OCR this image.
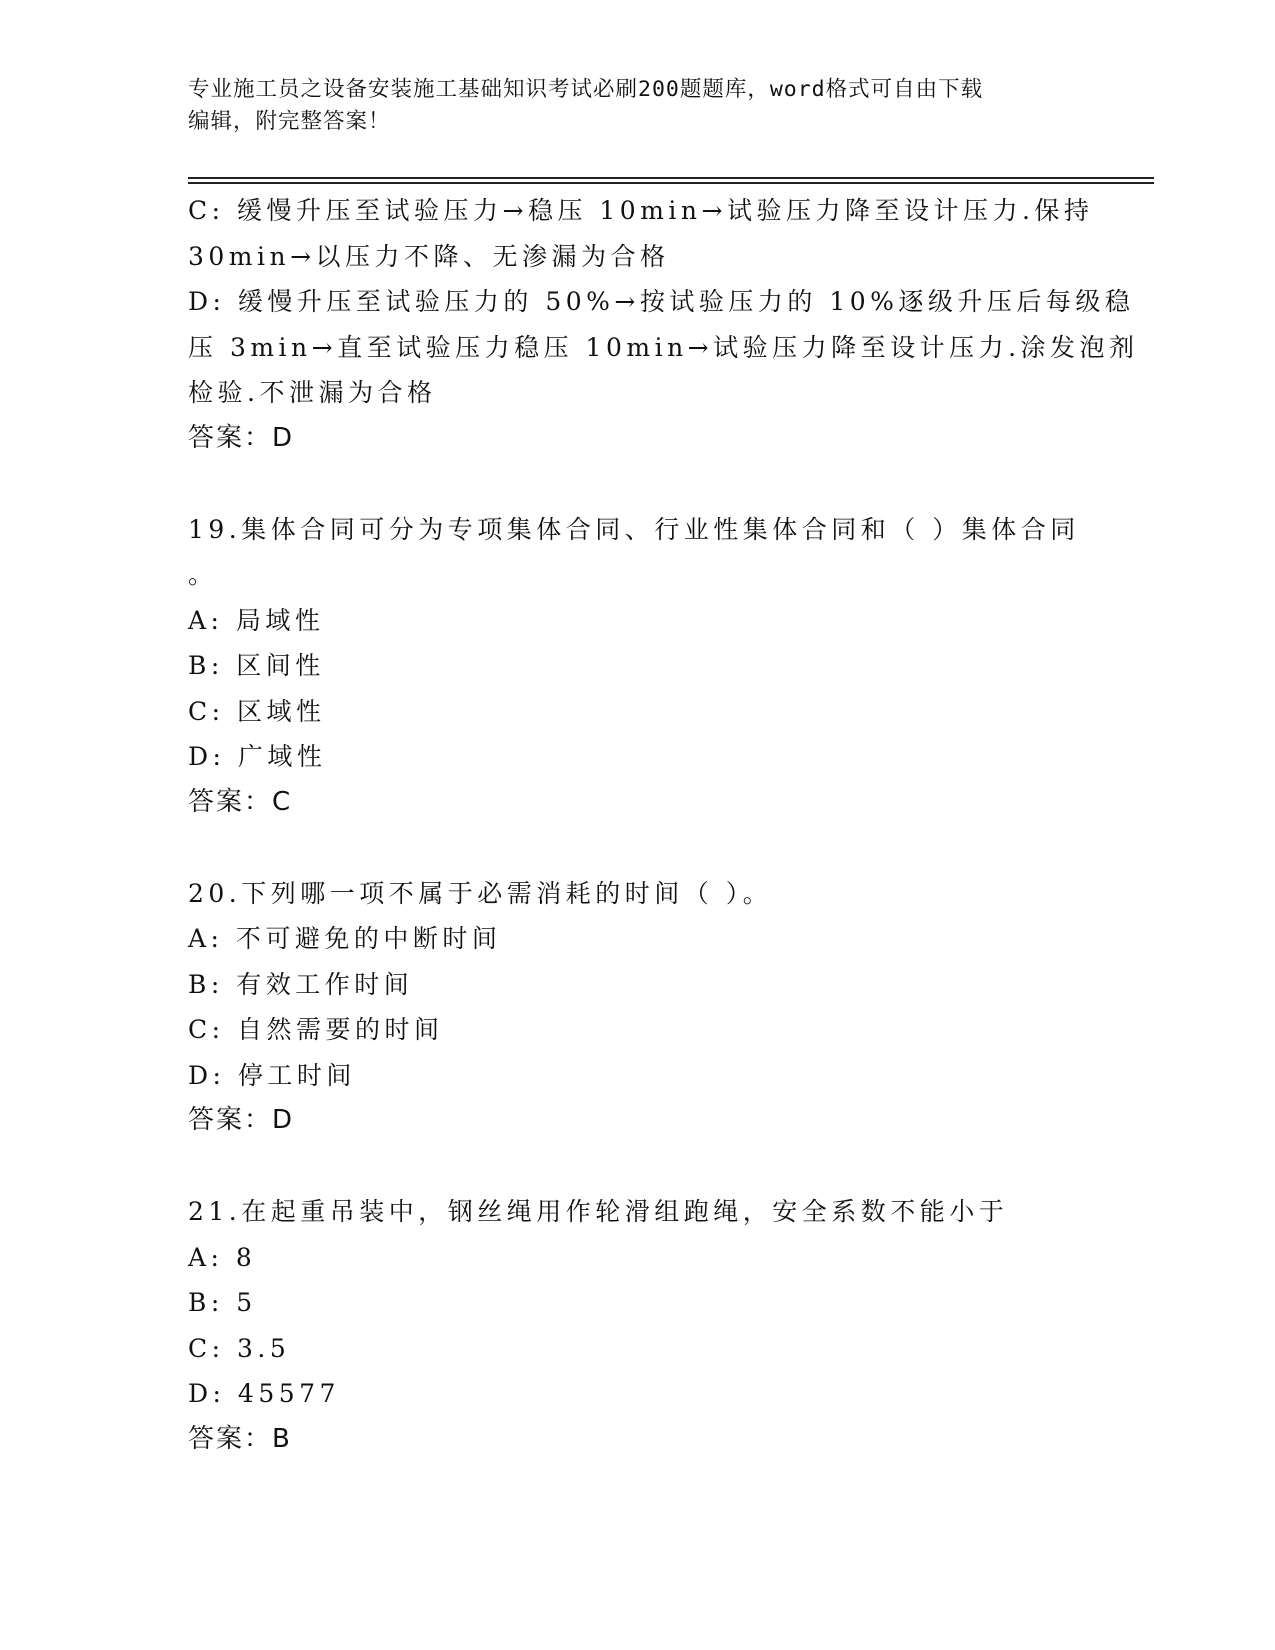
专业施工员之设备安装施工基础知识考试必刷200题题库，word格式可自由下载
编辑，附完整答案！
C: 缓慢升压至试验压力→稳压 10min→试验压力降至设计压力.保持
30min→以压力不降、无渗漏为合格
D: 缓慢升压至试验压力的 50%→按试验压力的 10%逐级升压后每级稳
压 3min→直至试验压力稳压 10min→试验压力降至设计压力.涂发泡剂
检验.不泄漏为合格
答案：D
19.集体合同可分为专项集体合同、行业性集体合同和（ ）集体合同
。
A: 局域性
B: 区间性
C: 区域性
D: 广域性
答案：C
20.下列哪一项不属于必需消耗的时间（ ）。
A: 不可避免的中断时间
B: 有效工作时间
C: 自然需要的时间
D: 停工时间
答案：D
21.在起重吊装中，钢丝绳用作轮滑组跑绳，安全系数不能小于
A: 8
B: 5
C: 3.5
D: 45577
答案：B
